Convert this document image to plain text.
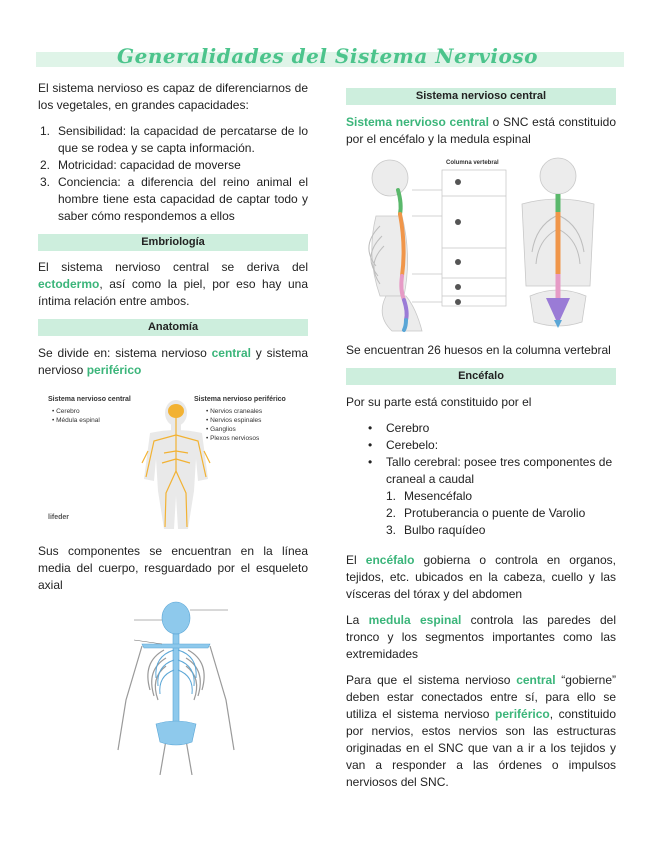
Generalidades del Sistema Nervioso

El sistema nervioso es capaz de diferenciarnos de los vegetales, en grandes capacidades:

1. Sensibilidad: la capacidad de percatarse de lo que se rodea y se capta información.
2. Motricidad: capacidad de moverse
3. Conciencia: a diferencia del reino animal el hombre tiene esta capacidad de captar todo y saber cómo respondemos a ellos
Embriología

El sistema nervioso central se deriva del ectodermo, así como la piel, por eso hay una íntima relación entre ambos.

Anatomía

Se divide en: sistema nervioso central y sistema nervioso periférico

Sistema nervioso central
• Cerebro
• Médula espinal
Sistema nervioso periférico
• Nervios craneales
• Nervios espinales
• Ganglios
• Plexos nerviosos
lifeder

Sus componentes se encuentran en la línea media del cuerpo, resguardado por el esqueleto axial

Sistema nervioso central

Sistema nervioso central o SNC está constituido por el encéfalo y la medula espinal

Columna vertebral

Se encuentran 26 huesos en la columna vertebral

Encéfalo

Por su parte está constituido por el

• Cerebro
• Cerebelo:
• Tallo cerebral: posee tres componentes de craneal a caudal
1. Mesencéfalo
2. Protuberancia o puente de Varolio
3. Bulbo raquídeo

El encéfalo gobierna o controla en organos, tejidos, etc. ubicados en la cabeza, cuello y las vísceras del tórax y del abdomen

La medula espinal controla las paredes del tronco y los segmentos importantes como las extremidades

Para que el sistema nervioso central “gobierne” deben estar conectados entre sí, para ello se utiliza el sistema nervioso periférico, constituido por nervios, estos nervios son las estructuras originadas en el SNC que van a ir a los tejidos y van a responder a las órdenes o impulsos nerviosos del SNC.
